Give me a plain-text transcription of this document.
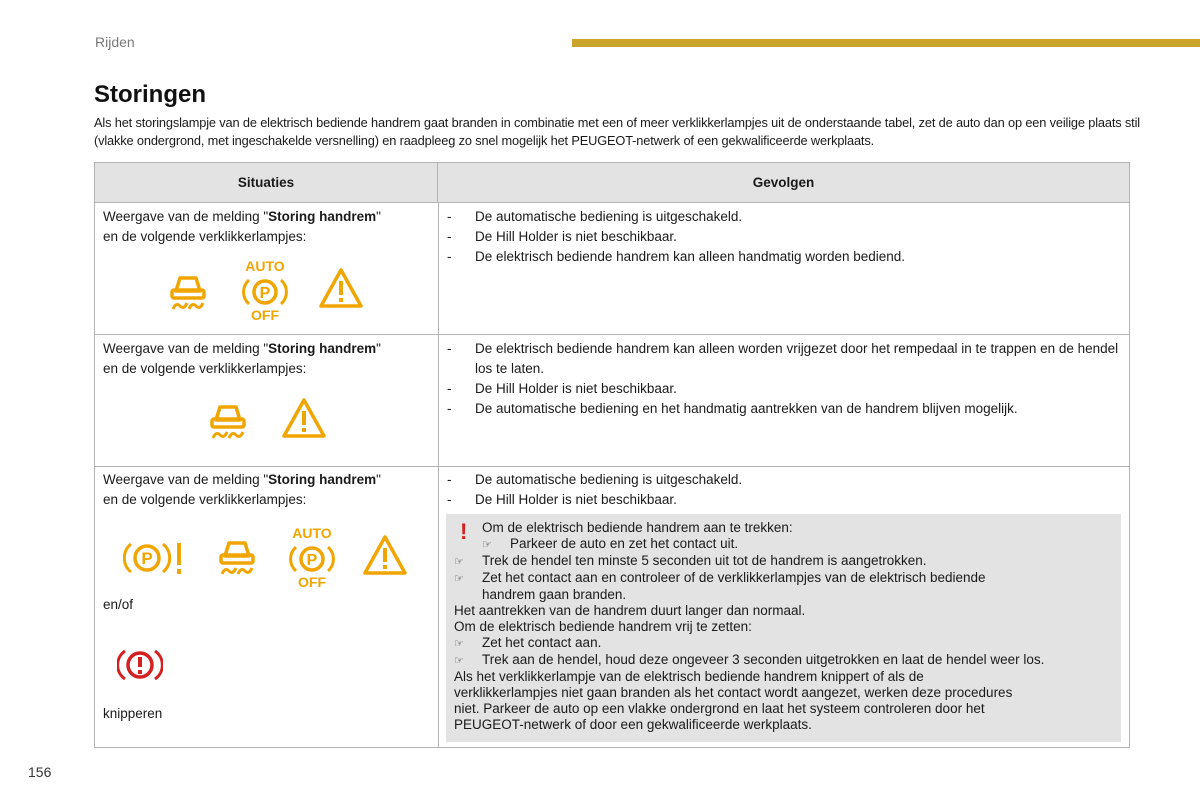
Rijden
Storingen
Als het storingslampje van de elektrisch bediende handrem gaat branden in combinatie met een of meer verklikkerlampjes uit de onderstaande tabel, zet de auto dan op een veilige plaats stil (vlakke ondergrond, met ingeschakelde versnelling) en raadpleeg zo snel mogelijk het PEUGEOT-netwerk of een gekwalificeerde werkplaats.
Situaties	Gevolgen
Weergave van de melding "Storing handrem"
en de volgende verklikkerlampjes:
AUTO
P
OFF
- De automatische bediening is uitgeschakeld.
- De Hill Holder is niet beschikbaar.
- De elektrisch bediende handrem kan alleen handmatig worden bediend.
Weergave van de melding "Storing handrem"
en de volgende verklikkerlampjes:
- De elektrisch bediende handrem kan alleen worden vrijgezet door het rempedaal in te trappen en de hendel los te laten.
- De Hill Holder is niet beschikbaar.
- De automatische bediening en het handmatig aantrekken van de handrem blijven mogelijk.
Weergave van de melding "Storing handrem"
en de volgende verklikkerlampjes:
P
AUTO
P
OFF
en/of
knipperen
- De automatische bediening is uitgeschakeld.
- De Hill Holder is niet beschikbaar.
!	Om de elektrisch bediende handrem aan te trekken:
☞ Parkeer de auto en zet het contact uit.
☞ Trek de hendel ten minste 5 seconden uit tot de handrem is aangetrokken.
☞ Zet het contact aan en controleer of de verklikkerlampjes van de elektrisch bediende
handrem gaan branden.
Het aantrekken van de handrem duurt langer dan normaal.
Om de elektrisch bediende handrem vrij te zetten:
☞ Zet het contact aan.
☞ Trek aan de hendel, houd deze ongeveer 3 seconden uitgetrokken en laat de hendel weer los.
Als het verklikkerlampje van de elektrisch bediende handrem knippert of als de
verklikkerlampjes niet gaan branden als het contact wordt aangezet, werken deze procedures
niet. Parkeer de auto op een vlakke ondergrond en laat het systeem controleren door het
PEUGEOT-netwerk of door een gekwalificeerde werkplaats.
156
